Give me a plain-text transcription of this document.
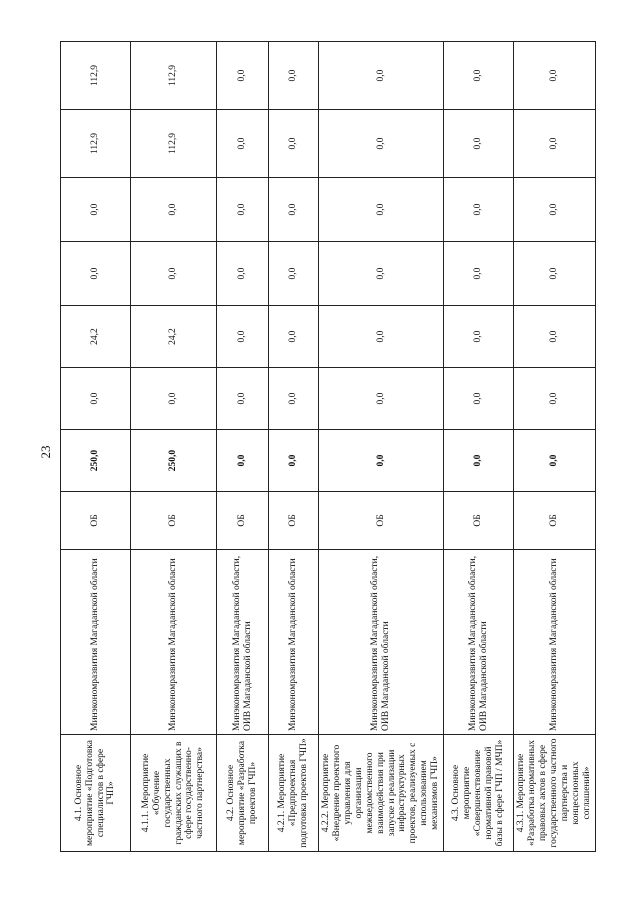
23
4.1. Основное мероприятие «Подготовка специалистов в сфере ГЧП»	Минэкономразвития Магаданской области	ОБ	250,0	0,0	24,2	0,0	0,0	112,9	112,9
4.1.1. Мероприятие «Обучение государственных гражданских служащих в сфере государственно-частного партнерства»	Минэкономразвития Магаданской области	ОБ	250,0	0,0	24,2	0,0	0,0	112,9	112,9
4.2. Основное мероприятие «Разработка проектов ГЧП»	Минэкономразвития Магаданской области, ОИВ Магаданской области	ОБ	0,0	0,0	0,0	0,0	0,0	0,0	0,0
4.2.1. Мероприятие «Предпроектная подготовка проектов ГЧП»	Минэкономразвития Магаданской области	ОБ	0,0	0,0	0,0	0,0	0,0	0,0	0,0
4.2.2. Мероприятие «Внедрение проектного управления для организации межведомственного взаимодействия при запуске и реализации инфраструктурных проектов, реализуемых с использованием механизмов ГЧП»	Минэкономразвития Магаданской области, ОИВ Магаданской области	ОБ	0,0	0,0	0,0	0,0	0,0	0,0	0,0
4.3. Основное мероприятие «Совершенствование нормативной правовой базы в сфере ГЧП / МЧП»	Минэкономразвития Магаданской области, ОИВ Магаданской области	ОБ	0,0	0,0	0,0	0,0	0,0	0,0	0,0
4.3.1. Мероприятие «Разработка нормативных правовых актов в сфере государственного частного партнерства и концессионных соглашений»	Минэкономразвития Магаданской области	ОБ	0,0	0,0	0,0	0,0	0,0	0,0	0,0
